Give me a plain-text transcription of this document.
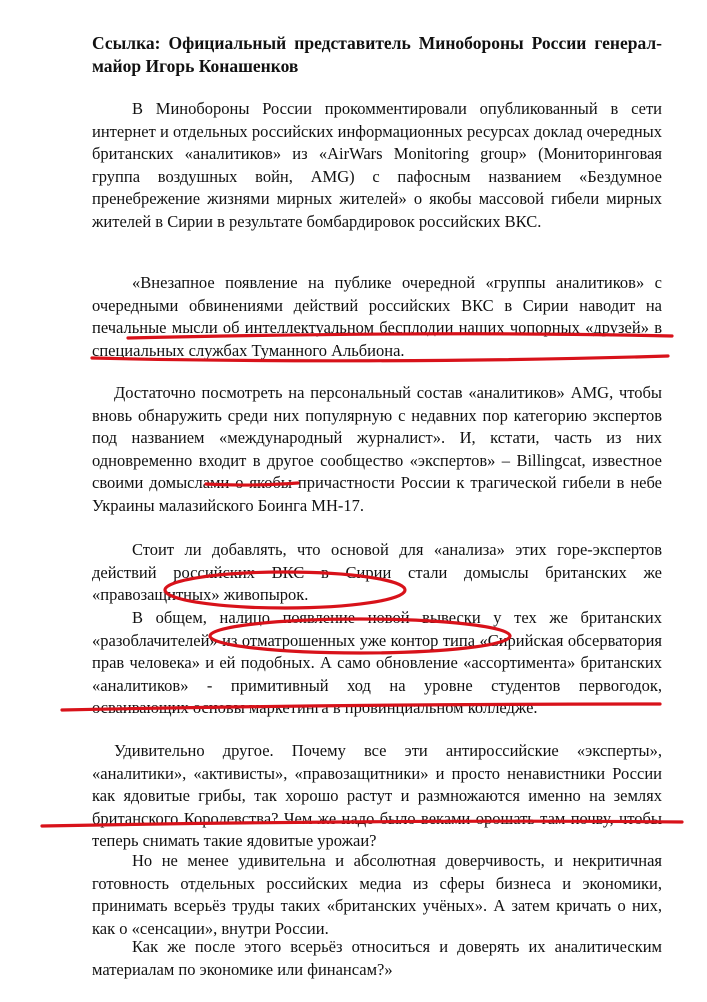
Ссылка: Официальный представитель Минобороны России генерал-майор Игорь Конашенков

В Минобороны России прокомментировали опубликованный в сети интернет и отдельных российских информационных ресурсах доклад очередных британских «аналитиков» из «AirWars Monitoring group» (Мониторинговая группа воздушных войн, AMG) с пафосным названием «Бездумное пренебрежение жизнями мирных жителей» о якобы массовой гибели мирных жителей в Сирии в результате бомбардировок российских ВКС.

«Внезапное появление на публике очередной «группы аналитиков» с очередными обвинениями действий российских ВКС в Сирии наводит на печальные мысли об интеллектуальном бесплодии наших чопорных «друзей» в специальных службах Туманного Альбиона.

Достаточно посмотреть на персональный состав «аналитиков» AMG, чтобы вновь обнаружить среди них популярную с недавних пор категорию экспертов под названием «международный журналист». И, кстати, часть из них одновременно входит в другое сообщество «экспертов» – Billingcat, известное своими домыслами о якобы причастности России к трагической гибели в небе Украины малазийского Боинга МН-17.

Стоит ли добавлять, что основой для «анализа» этих горе-экспертов действий российских ВКС в Сирии стали домыслы британских же «правозащитных» живопырок.

В общем, налицо появление новой вывески у тех же британских «разоблачителей» из отматрошенных уже контор типа «Сирийская обсерватория прав человека» и ей подобных. А само обновление «ассортимента» британских «аналитиков» - примитивный ход на уровне студентов первогодок, осваивающих основы маркетинга в провинциальном колледже.

Удивительно другое. Почему все эти антироссийские «эксперты», «аналитики», «активисты», «правозащитники» и просто ненавистники России как ядовитые грибы, так хорошо растут и размножаются именно на землях британского Королевства? Чем же надо было веками орошать там почву, чтобы теперь снимать такие ядовитые урожаи?

Но не менее удивительна и абсолютная доверчивость, и некритичная готовность отдельных российских медиа из сферы бизнеса и экономики, принимать всерьёз труды таких «британских учёных». А затем кричать о них, как о «сенсации», внутри России.

Как же после этого всерьёз относиться и доверять их аналитическим материалам по экономике или финансам?»
